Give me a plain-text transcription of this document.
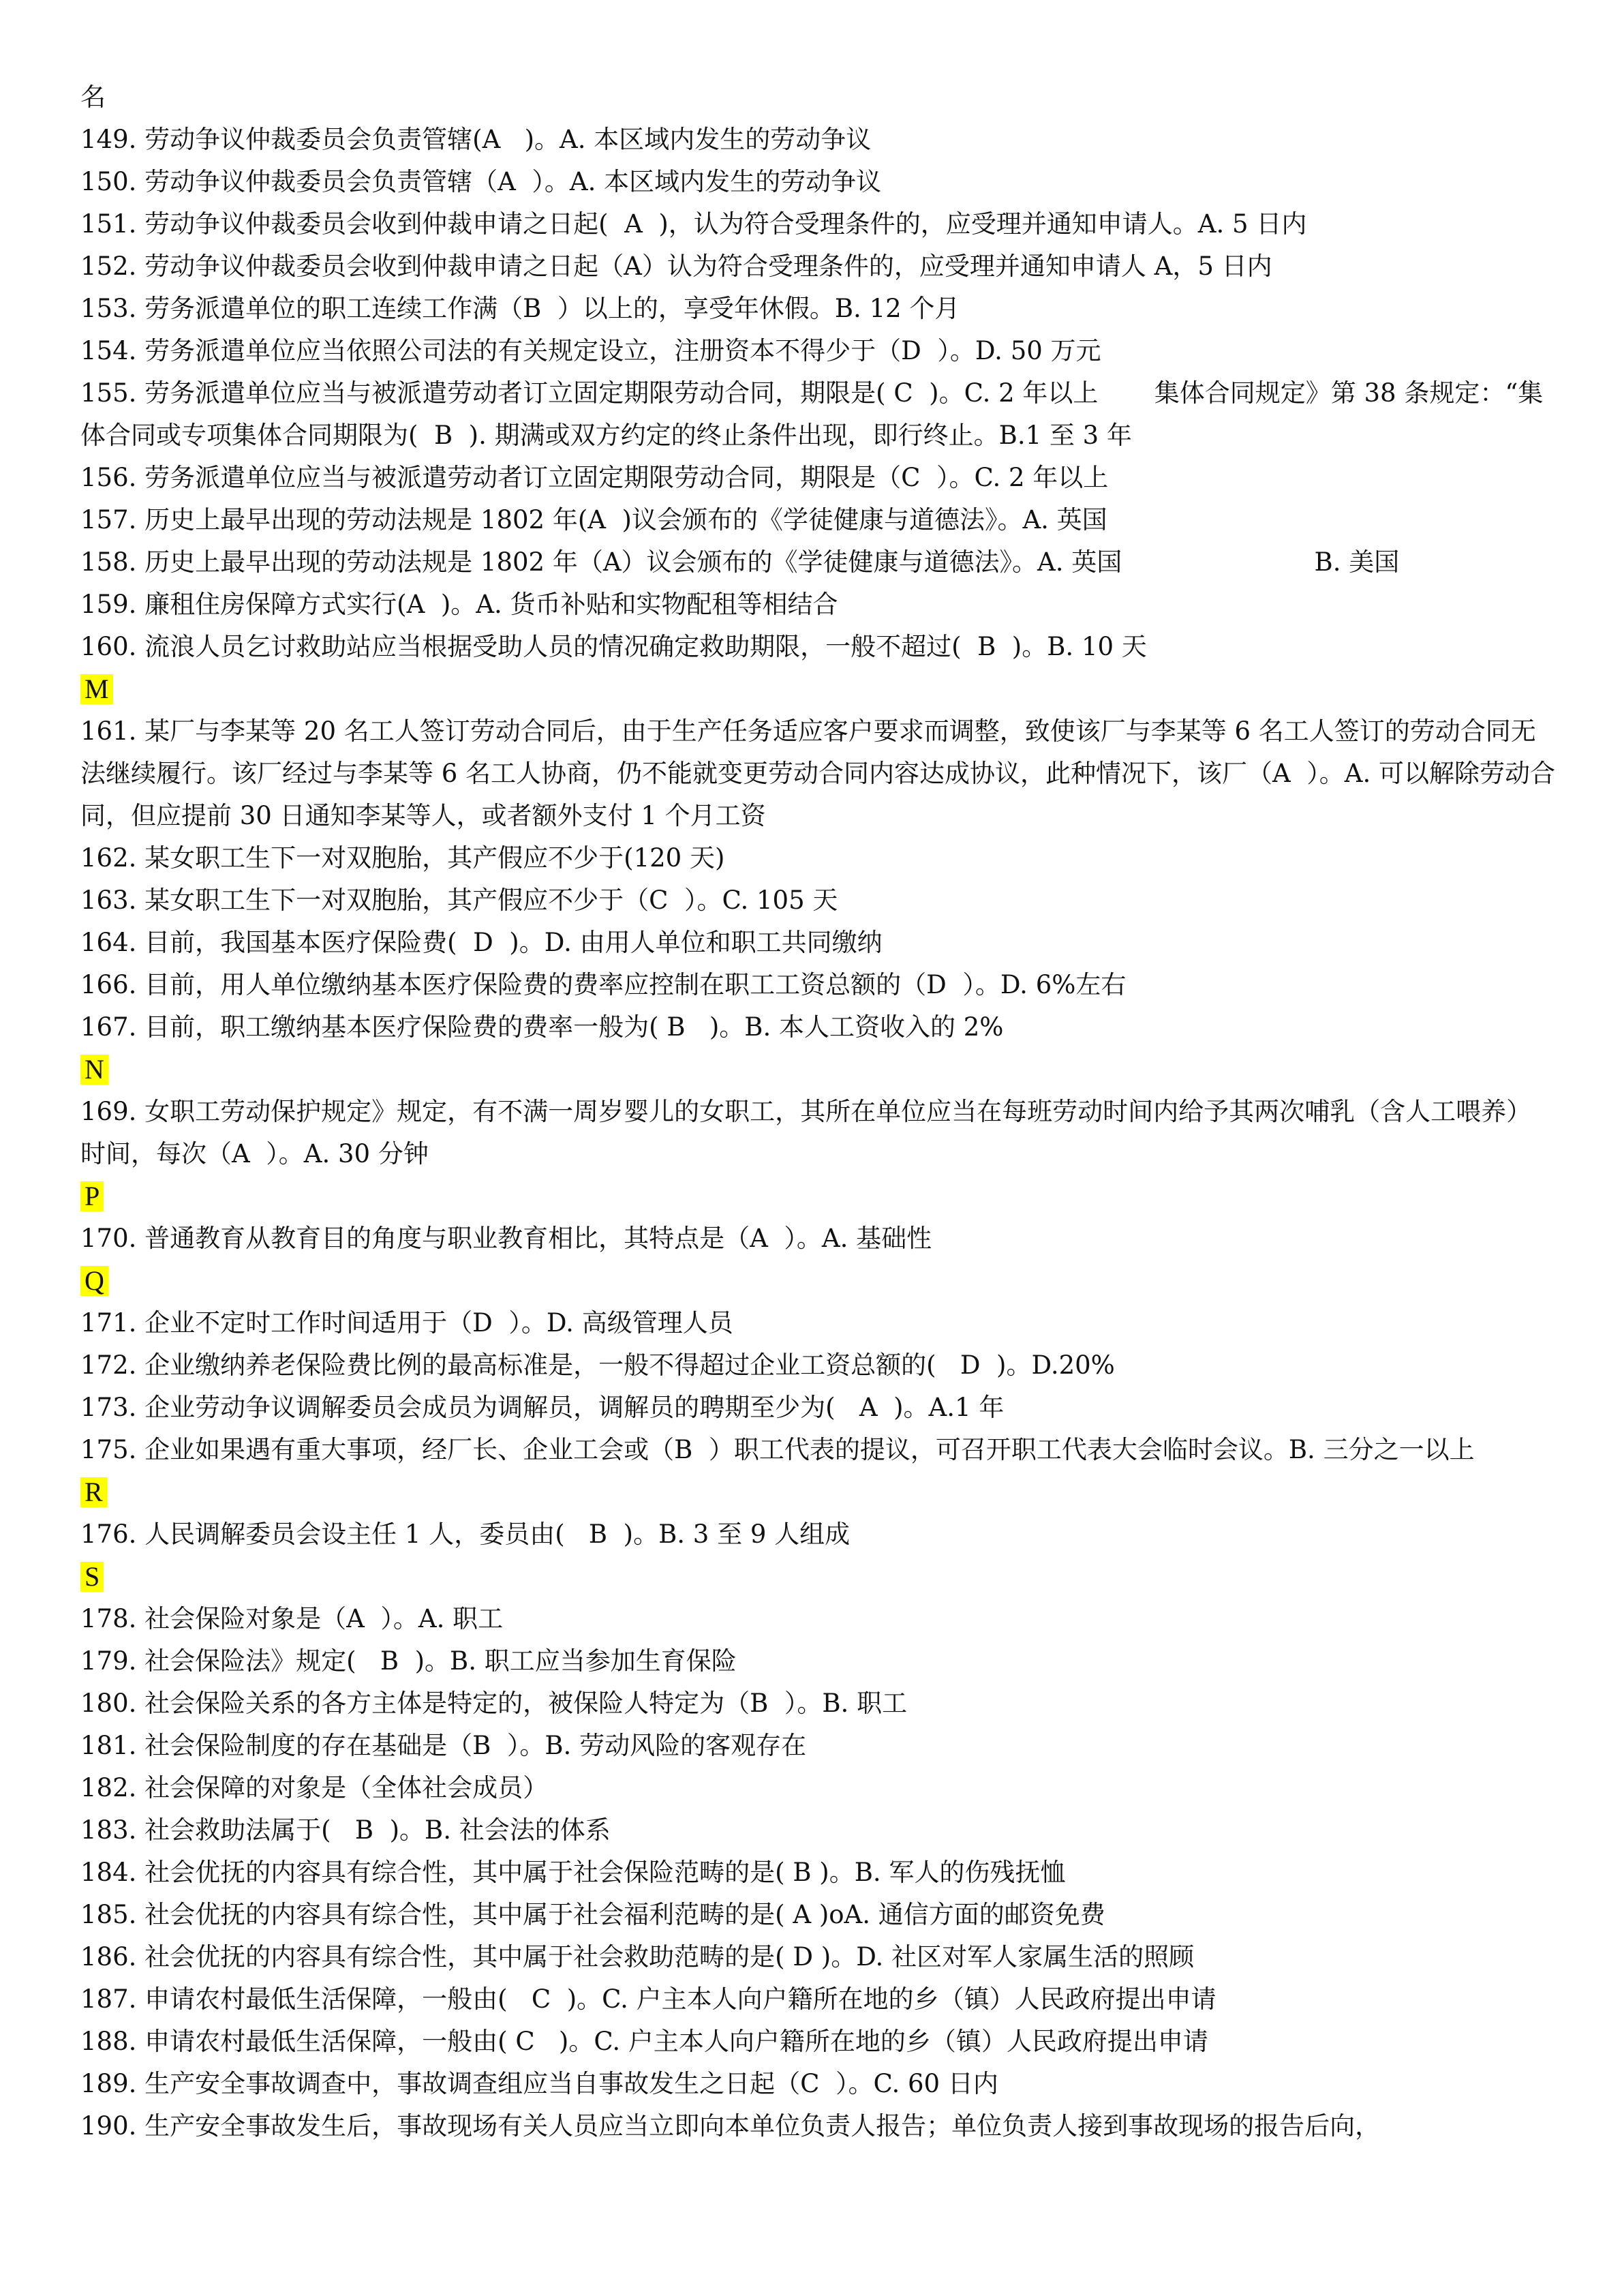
名
149. 劳动争议仲裁委员会负责管辖(A   )。A. 本区域内发生的劳动争议
150. 劳动争议仲裁委员会负责管辖（A  ）。A. 本区域内发生的劳动争议
151. 劳动争议仲裁委员会收到仲裁申请之日起(  A  )，认为符合受理条件的，应受理并通知申请人。A. 5 日内
152. 劳动争议仲裁委员会收到仲裁申请之日起（A）认为符合受理条件的，应受理并通知申请人 A，5 日内
153. 劳务派遣单位的职工连续工作满（B  ）以上的，享受年休假。B. 12 个月
154. 劳务派遣单位应当依照公司法的有关规定设立，注册资本不得少于（D  ）。D. 50 万元
155. 劳务派遣单位应当与被派遣劳动者订立固定期限劳动合同，期限是( C  )。C. 2 年以上       集体合同规定》第 38 条规定：“集体合同或专项集体合同期限为(  B  ). 期满或双方约定的终止条件出现，即行终止。B.1 至 3 年
156. 劳务派遣单位应当与被派遣劳动者订立固定期限劳动合同，期限是（C  ）。C. 2 年以上
157. 历史上最早出现的劳动法规是 1802 年(A  )议会颁布的《学徒健康与道德法》。A. 英国
158. 历史上最早出现的劳动法规是 1802 年（A）议会颁布的《学徒健康与道德法》。A. 英国                        B. 美国
159. 廉租住房保障方式实行(A  )。A. 货币补贴和实物配租等相结合
160. 流浪人员乞讨救助站应当根据受助人员的情况确定救助期限，一般不超过(  B  )。B. 10 天
M
161. 某厂与李某等 20 名工人签订劳动合同后，由于生产任务适应客户要求而调整，致使该厂与李某等 6 名工人签订的劳动合同无法继续履行。该厂经过与李某等 6 名工人协商，仍不能就变更劳动合同内容达成协议，此种情况下，该厂（A  ）。A. 可以解除劳动合同，但应提前 30 日通知李某等人，或者额外支付 1 个月工资
162. 某女职工生下一对双胞胎，其产假应不少于(120 天)
163. 某女职工生下一对双胞胎，其产假应不少于（C  ）。C. 105 天
164. 目前，我国基本医疗保险费(  D  )。D. 由用人单位和职工共同缴纳
166. 目前，用人单位缴纳基本医疗保险费的费率应控制在职工工资总额的（D  ）。D. 6%左右
167. 目前，职工缴纳基本医疗保险费的费率一般为( B   )。B. 本人工资收入的 2%
N
169. 女职工劳动保护规定》规定，有不满一周岁婴儿的女职工，其所在单位应当在每班劳动时间内给予其两次哺乳（含人工喂养）时间，每次（A  ）。A. 30 分钟
P
170. 普通教育从教育目的角度与职业教育相比，其特点是（A  ）。A. 基础性
Q
171. 企业不定时工作时间适用于（D  ）。D. 高级管理人员
172. 企业缴纳养老保险费比例的最高标准是，一般不得超过企业工资总额的(   D  )。D.20%
173. 企业劳动争议调解委员会成员为调解员，调解员的聘期至少为(   A  )。A.1 年
175. 企业如果遇有重大事项，经厂长、企业工会或（B  ）职工代表的提议，可召开职工代表大会临时会议。B. 三分之一以上
R
176. 人民调解委员会设主任 1 人，委员由(   B  )。B. 3 至 9 人组成
S
178. 社会保险对象是（A  ）。A. 职工
179. 社会保险法》规定(   B  )。B. 职工应当参加生育保险
180. 社会保险关系的各方主体是特定的，被保险人特定为（B  ）。B. 职工
181. 社会保险制度的存在基础是（B  ）。B. 劳动风险的客观存在
182. 社会保障的对象是（全体社会成员）
183. 社会救助法属于(   B  )。B. 社会法的体系
184. 社会优抚的内容具有综合性，其中属于社会保险范畴的是( B )。B. 军人的伤残抚恤
185. 社会优抚的内容具有综合性，其中属于社会福利范畴的是( A )oA. 通信方面的邮资免费
186. 社会优抚的内容具有综合性，其中属于社会救助范畴的是( D )。D. 社区对军人家属生活的照顾
187. 申请农村最低生活保障，一般由(   C  )。C. 户主本人向户籍所在地的乡（镇）人民政府提出申请
188. 申请农村最低生活保障，一般由( C   )。C. 户主本人向户籍所在地的乡（镇）人民政府提出申请
189. 生产安全事故调查中，事故调查组应当自事故发生之日起（C  ）。C. 60 日内
190. 生产安全事故发生后，事故现场有关人员应当立即向本单位负责人报告；单位负责人接到事故现场的报告后向，
